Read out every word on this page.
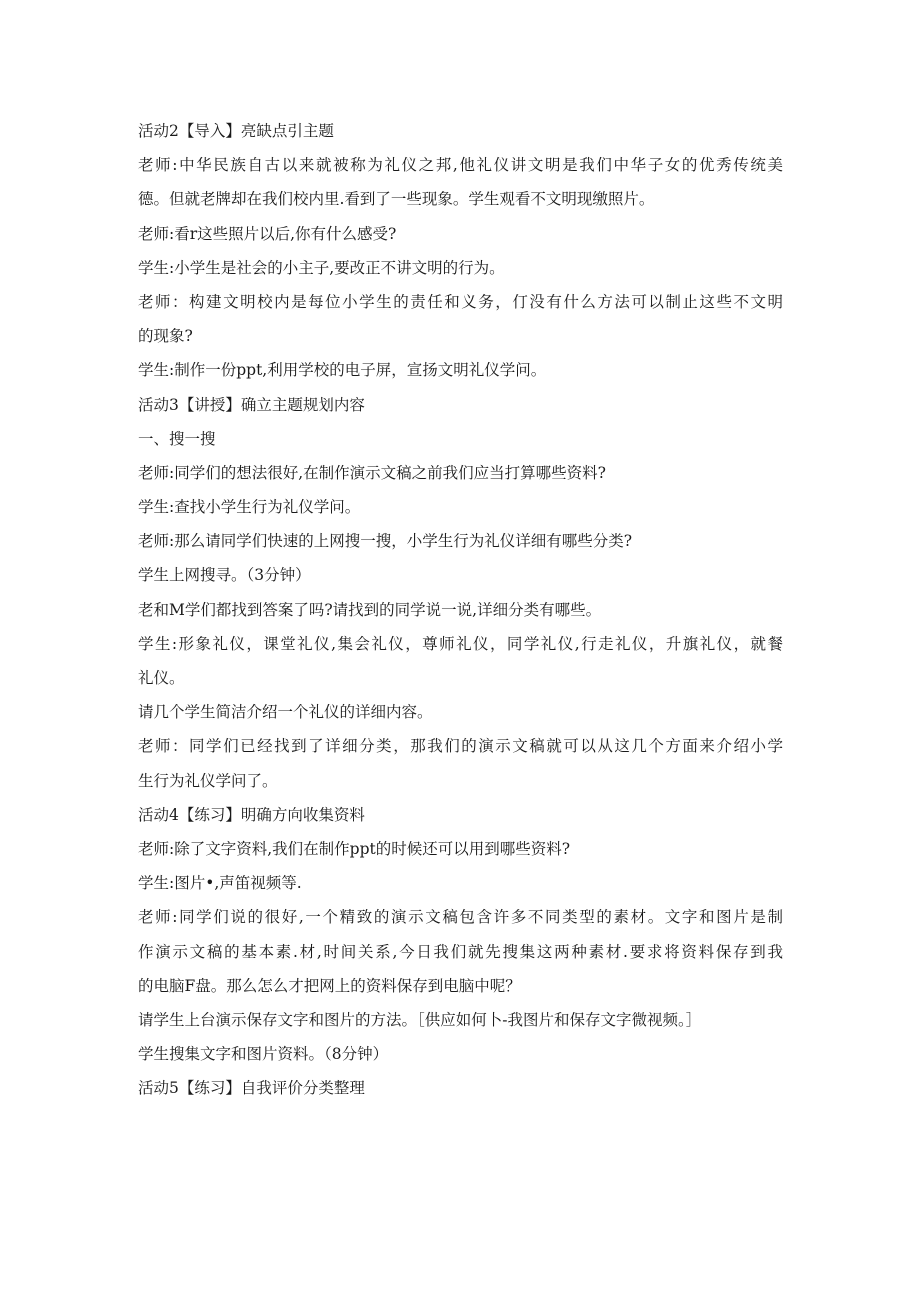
活动2【导入】亮缺点引主题
老师:中华民族自古以来就被称为礼仪之邦,他礼仪讲文明是我们中华子女的优秀传统美
德。但就老牌却在我们校内里.看到了一些现象。学生观看不文明现缴照片。
老师:看r这些照片以后,你有什么感受?
学生:小学生是社会的小主子,要改正不讲文明的行为。
老师：构建文明校内是每位小学生的责任和义务，仃没有什么方法可以制止这些不文明
的现象?
学生:制作一份ppt,利用学校的电子屏，宣扬文明礼仪学问。
活动3【讲授】确立主题规划内容
一、搜一搜
老师:同学们的想法很好,在制作演示文稿之前我们应当打算哪些资料?
学生:查找小学生行为礼仪学问。
老师:那么请同学们快速的上网搜一搜，小学生行为礼仪详细有哪些分类?
学生上网搜寻。（3分钟）
老和M学们都找到答案了吗?请找到的同学说一说,详细分类有哪些。
学生:形象礼仪，课堂礼仪,集会礼仪，尊师礼仪，同学礼仪,行走礼仪，升旗礼仪，就餐
礼仪。
请几个学生简洁介绍一个礼仪的详细内容。
老师：同学们已经找到了详细分类，那我们的演示文稿就可以从这几个方面来介绍小学
生行为礼仪学问了。
活动4【练习】明确方向收集资料
老师:除了文字资料,我们在制作ppt的时候还可以用到哪些资料?
学生:图片•,声笛视频等.
老师:同学们说的很好,一个精致的演示文稿包含许多不同类型的素材。文字和图片是制
作演示文稿的基本素.材,时间关系,今日我们就先搜集这两种素材.要求将资料保存到我
的电脑F盘。那么怎么才把网上的资料保存到电脑中呢？
请学生上台演示保存文字和图片的方法。［供应如何卜-我图片和保存文字微视频。］
学生搜集文字和图片资料。（8分钟）
活动5【练习】自我评价分类整理
